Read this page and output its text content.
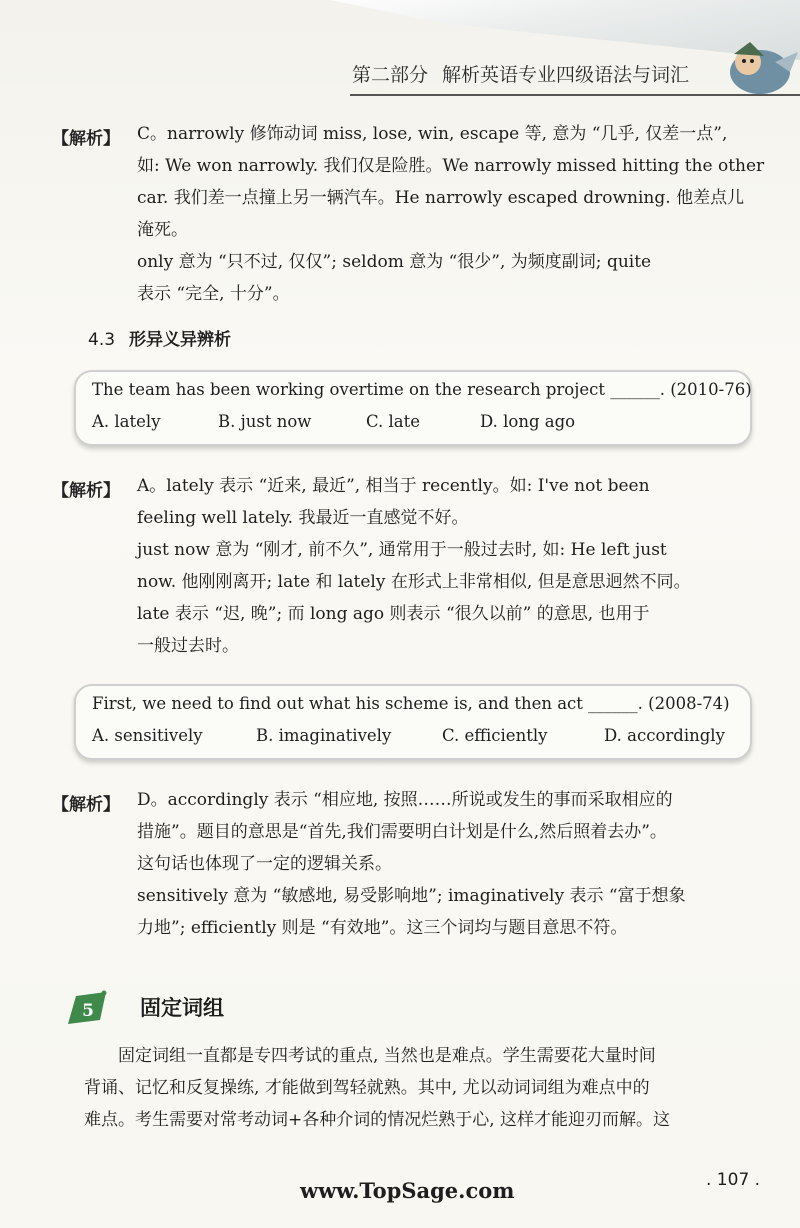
第二部分 解析英语专业四级语法与词汇
【解析】 C。narrowly 修饰动词 miss, lose, win, escape 等, 意为 “几乎, 仅差一点”,
如: We won narrowly. 我们仅是险胜。We narrowly missed hitting the other
car. 我们差一点撞上另一辆汽车。He narrowly escaped drowning. 他差点儿
淹死。
only 意为 “只不过, 仅仅”; seldom 意为 “很少”, 为频度副词; quite
表示 “完全, 十分”。
4.3 形异义异辨析
The team has been working overtime on the research project ______. (2010-76)
A. lately	B. just now	C. late	D. long ago
【解析】 A。lately 表示 “近来, 最近”, 相当于 recently。如: I've not been
feeling well lately. 我最近一直感觉不好。
just now 意为 “刚才, 前不久”, 通常用于一般过去时, 如: He left just
now. 他刚刚离开; late 和 lately 在形式上非常相似, 但是意思迥然不同。
late 表示 “迟, 晚”; 而 long ago 则表示 “很久以前” 的意思, 也用于
一般过去时。
First, we need to find out what his scheme is, and then act ______. (2008-74)
A. sensitively	B. imaginatively	C. efficiently	D. accordingly
【解析】 D。accordingly 表示 “相应地, 按照……所说或发生的事而采取相应的
措施”。题目的意思是“首先,我们需要明白计划是什么,然后照着去办”。
这句话也体现了一定的逻辑关系。
sensitively 意为 “敏感地, 易受影响地”; imaginatively 表示 “富于想象
力地”; efficiently 则是 “有效地”。这三个词均与题目意思不符。
5 固定词组
固定词组一直都是专四考试的重点, 当然也是难点。学生需要花大量时间
背诵、记忆和反复操练, 才能做到驾轻就熟。其中, 尤以动词词组为难点中的
难点。考生需要对常考动词+各种介词的情况烂熟于心, 这样才能迎刃而解。这
. 107 .
www.TopSage.com
